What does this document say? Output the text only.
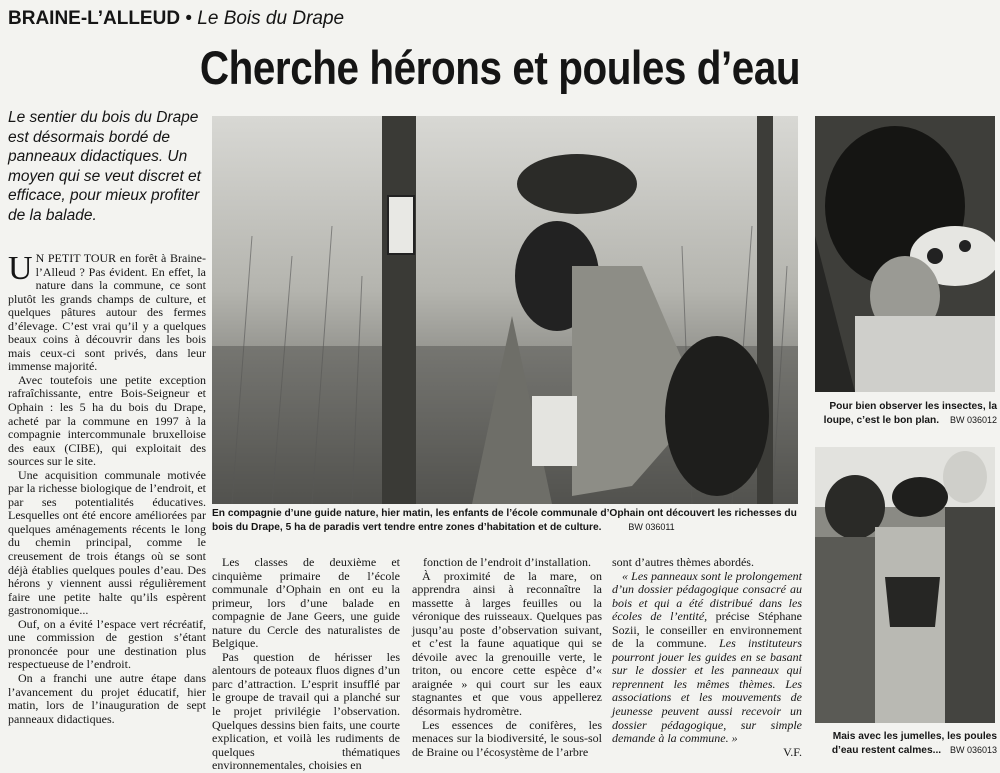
BRAINE-L’ALLEUD • Le Bois du Drape
Cherche hérons et poules d’eau
Le sentier du bois du Drape est désormais bordé de panneaux didactiques. Un moyen qui se veut discret et efficace, pour mieux profiter de la balade.

U N PETIT TOUR en forêt à Braine-l’Alleud ? Pas évident. En effet, la nature dans la commune, ce sont plutôt les grands champs de culture, et quelques pâtures autour des fermes d’élevage. C’est vrai qu’il y a quelques beaux coins à découvrir dans les bois mais ceux-ci sont privés, dans leur immense majorité.

Avec toutefois une petite exception rafraîchissante, entre Bois-Seigneur et Ophain : les 5 ha du bois du Drape, acheté par la commune en 1997 à la compagnie intercommunale bruxelloise des eaux (CIBE), qui exploitait des sources sur le site.

Une acquisition communale motivée par la richesse biologique de l’endroit, et par ses potentialités éducatives. Lesquelles ont été encore améliorées par quelques aménagements récents le long du chemin principal, comme le creusement de trois étangs où se sont déjà établies quelques poules d’eau. Des hérons y viennent aussi régulièrement faire une petite halte qu’ils espèrent gastronomique...

Ouf, on a évité l’espace vert récréatif, une commission de gestion s’étant prononcée pour une destination plus respectueuse de l’endroit.

On a franchi une autre étape dans l’avancement du projet éducatif, hier matin, lors de l’inauguration de sept panneaux didactiques.

En compagnie d’une guide nature, hier matin, les enfants de l’école communale d’Ophain ont découvert les richesses du bois du Drape, 5 ha de paradis vert tendre entre zones d’habitation et de culture.	BW 036011
Pour bien observer les insectes, la loupe, c’est le bon plan. BW 036012
Mais avec les jumelles, les poules d’eau restent calmes... BW 036013

Les classes de deuxième et cinquième primaire de l’école communale d’Ophain en ont eu la primeur, lors d’une balade en compagnie de Jane Geers, une guide nature du Cercle des naturalistes de Belgique.

Pas question de hérisser les alentours de poteaux fluos dignes d’un parc d’attraction. L’esprit insufflé par le groupe de travail qui a planché sur le projet privilégie l’observation. Quelques dessins bien faits, une courte explication, et voilà les rudiments de quelques thématiques environnementales, choisies en

fonction de l’endroit d’installation.

À proximité de la mare, on apprendra ainsi à reconnaître la massette à larges feuilles ou la véronique des ruisseaux. Quelques pas jusqu’au poste d’observation suivant, et c’est la faune aquatique qui se dévoile avec la grenouille verte, le triton, ou encore cette espèce d’« araignée » qui court sur les eaux stagnantes et que vous appellerez désormais hydromètre.

Les essences de conifères, les menaces sur la biodiversité, le sous-sol de Braine ou l’écosystème de l’arbre

sont d’autres thèmes abordés.

« Les panneaux sont le prolongement d’un dossier pédagogique consacré au bois et qui a été distribué dans les écoles de l’entité, précise Stéphane Sozii, le conseiller en environnement de la commune. Les instituteurs pourront jouer les guides en se basant sur le dossier et les panneaux qui reprennent les mêmes thèmes. Les associations et les mouvements de jeunesse peuvent aussi recevoir un dossier pédagogique, sur simple demande à la commune. »

V.F.
